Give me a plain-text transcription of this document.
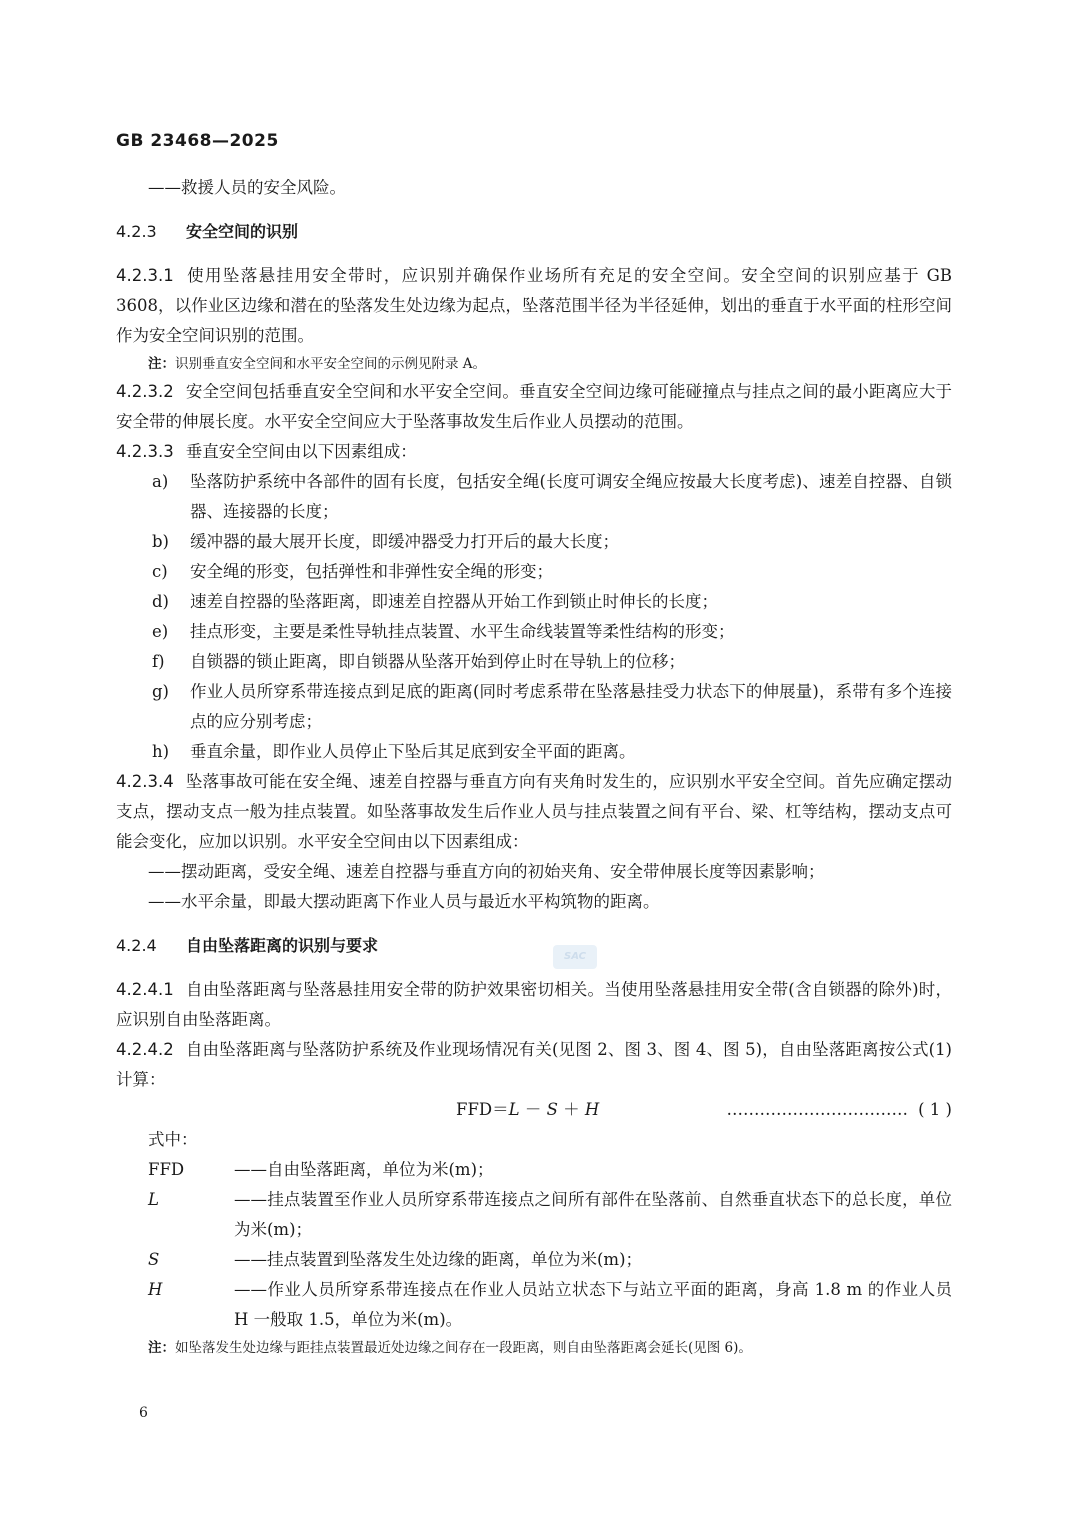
GB 23468—2025

——救援人员的安全风险。

4.2.3 安全空间的识别

4.2.3.1 使用坠落悬挂用安全带时，应识别并确保作业场所有充足的安全空间。安全空间的识别应基于 GB 3608，以作业区边缘和潜在的坠落发生处边缘为起点，坠落范围半径为半径延伸，划出的垂直于水平面的柱形空间作为安全空间识别的范围。

注：识别垂直安全空间和水平安全空间的示例见附录 A。

4.2.3.2 安全空间包括垂直安全空间和水平安全空间。垂直安全空间边缘可能碰撞点与挂点之间的最小距离应大于安全带的伸展长度。水平安全空间应大于坠落事故发生后作业人员摆动的范围。

4.2.3.3 垂直安全空间由以下因素组成：

a) 坠落防护系统中各部件的固有长度，包括安全绳(长度可调安全绳应按最大长度考虑)、速差自控器、自锁器、连接器的长度；
b) 缓冲器的最大展开长度，即缓冲器受力打开后的最大长度；
c) 安全绳的形变，包括弹性和非弹性安全绳的形变；
d) 速差自控器的坠落距离，即速差自控器从开始工作到锁止时伸长的长度；
e) 挂点形变，主要是柔性导轨挂点装置、水平生命线装置等柔性结构的形变；
f) 自锁器的锁止距离，即自锁器从坠落开始到停止时在导轨上的位移；
g) 作业人员所穿系带连接点到足底的距离(同时考虑系带在坠落悬挂受力状态下的伸展量)，系带有多个连接点的应分别考虑；
h) 垂直余量，即作业人员停止下坠后其足底到安全平面的距离。

4.2.3.4 坠落事故可能在安全绳、速差自控器与垂直方向有夹角时发生的，应识别水平安全空间。首先应确定摆动支点，摆动支点一般为挂点装置。如坠落事故发生后作业人员与挂点装置之间有平台、梁、杠等结构，摆动支点可能会变化，应加以识别。水平安全空间由以下因素组成：

——摆动距离，受安全绳、速差自控器与垂直方向的初始夹角、安全带伸展长度等因素影响；

——水平余量，即最大摆动距离下作业人员与最近水平构筑物的距离。

4.2.4 自由坠落距离的识别与要求

4.2.4.1 自由坠落距离与坠落悬挂用安全带的防护效果密切相关。当使用坠落悬挂用安全带(含自锁器的除外)时，应识别自由坠落距离。

4.2.4.2 自由坠落距离与坠落防护系统及作业现场情况有关(见图 2、图 3、图 4、图 5)，自由坠落距离按公式(1)计算：

FFD＝L － S ＋ H	…………………………… ( 1 )

式中：

FFD	——自由坠落距离，单位为米(m)；
L	——挂点装置至作业人员所穿系带连接点之间所有部件在坠落前、自然垂直状态下的总长度，单位为米(m)；
S	——挂点装置到坠落发生处边缘的距离，单位为米(m)；
H	——作业人员所穿系带连接点在作业人员站立状态下与站立平面的距离，身高 1.8 m 的作业人员 H 一般取 1.5，单位为米(m)。

注：如坠落发生处边缘与距挂点装置最近处边缘之间存在一段距离，则自由坠落距离会延长(见图 6)。

SAC
6
